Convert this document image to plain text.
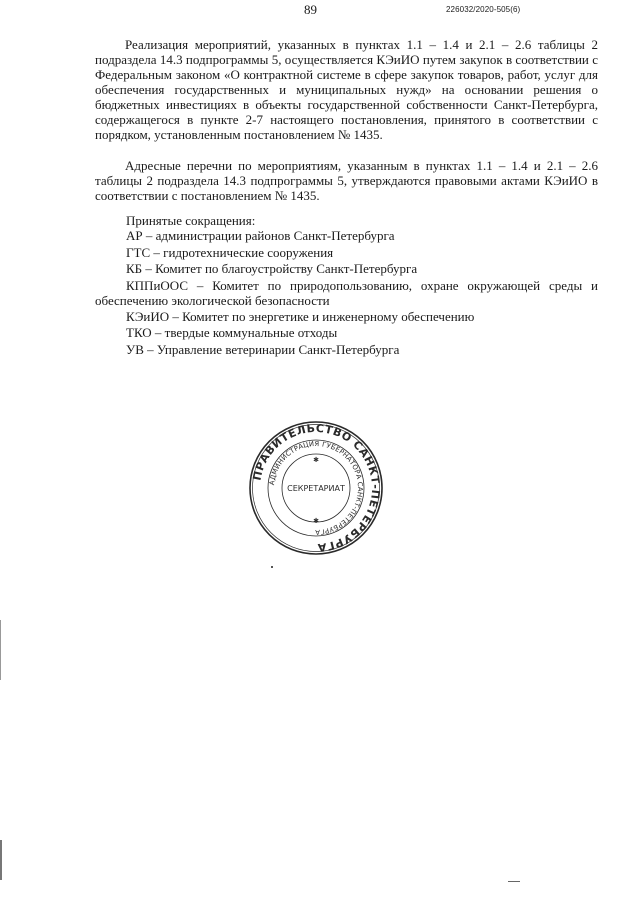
89	226032/2020-505(6)

Реализация мероприятий, указанных в пунктах 1.1 – 1.4 и 2.1 – 2.6 таблицы 2 подраздела 14.3 подпрограммы 5, осуществляется КЭиИО путем закупок в соответствии с Федеральным законом «О контрактной системе в сфере закупок товаров, работ, услуг для обеспечения государственных и муниципальных нужд» на основании решения о бюджетных инвестициях в объекты государственной собственности Санкт-Петербурга, содержащегося в пункте 2-7 настоящего постановления, принятого в соответствии с порядком, установленным постановлением № 1435.

Адресные перечни по мероприятиям, указанным в пунктах 1.1 – 1.4 и 2.1 – 2.6 таблицы 2 подраздела 14.3 подпрограммы 5, утверждаются правовыми актами КЭиИО в соответствии с постановлением № 1435.

Принятые сокращения:
АР – администрации районов Санкт-Петербурга
ГТС – гидротехнические сооружения
КБ – Комитет по благоустройству Санкт-Петербурга
КППиООС – Комитет по природопользованию, охране окружающей среды и обеспечению экологической безопасности
КЭиИО – Комитет по энергетике и инженерному обеспечению
ТКО – твердые коммунальные отходы
УВ – Управление ветеринарии Санкт-Петербурга
ПРАВИТЕЛЬСТВО САНКТ-ПЕТЕРБУРГА
АДМИНИСТРАЦИЯ ГУБЕРНАТОРА САНКТ-ПЕТЕРБУРГА
СЕКРЕТАРИАТ
✱
✱
